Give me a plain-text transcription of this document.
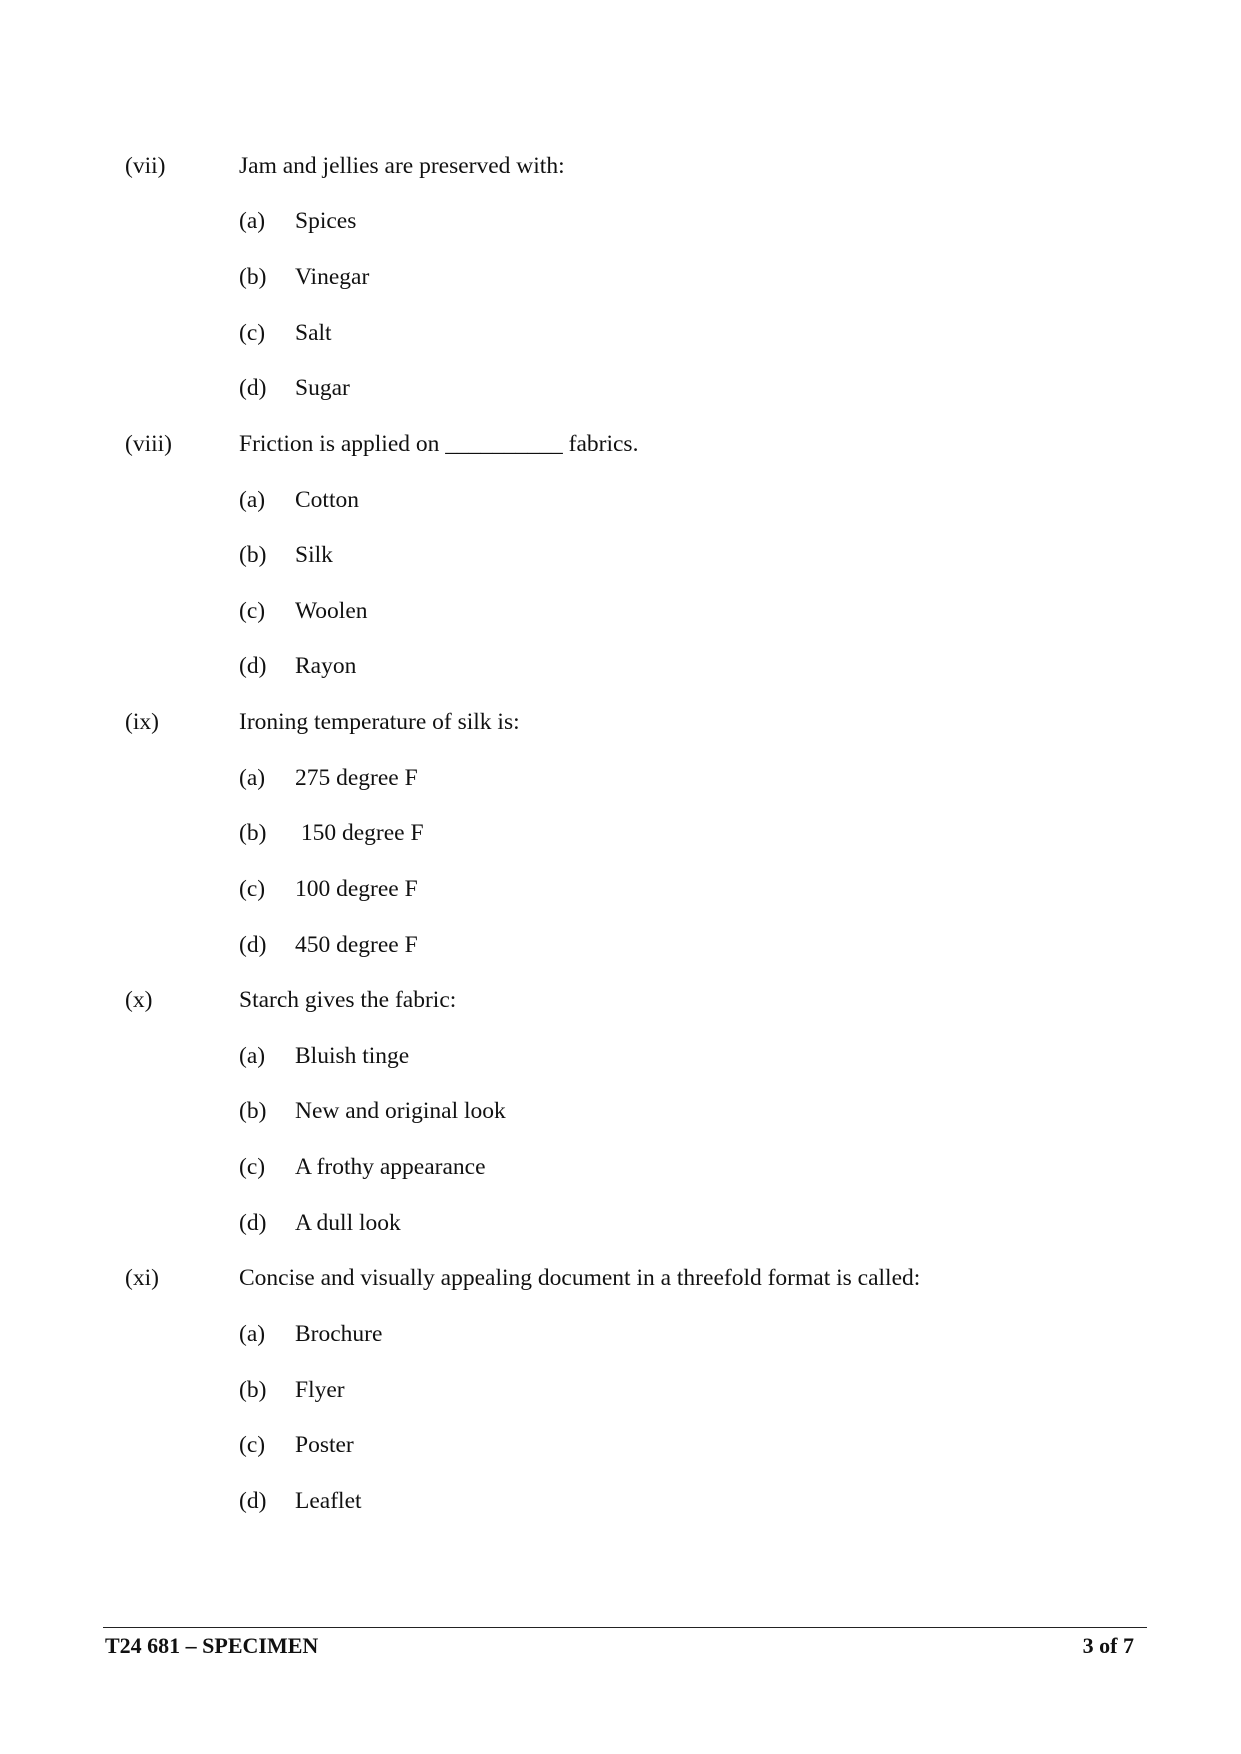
(vii)	Jam and jellies are preserved with:
(a) Spices
(b) Vinegar
(c) Salt
(d) Sugar
(viii)	Friction is applied on __________ fabrics.
(a) Cotton
(b) Silk
(c) Woolen
(d) Rayon
(ix)	Ironing temperature of silk is:
(a) 275 degree F
(b) 150 degree F
(c) 100 degree F
(d) 450 degree F
(x)	Starch gives the fabric:
(a) Bluish tinge
(b) New and original look
(c) A frothy appearance
(d) A dull look
(xi)	Concise and visually appealing document in a threefold format is called:
(a) Brochure
(b) Flyer
(c) Poster
(d) Leaflet
T24 681 – SPECIMEN	3 of 7
